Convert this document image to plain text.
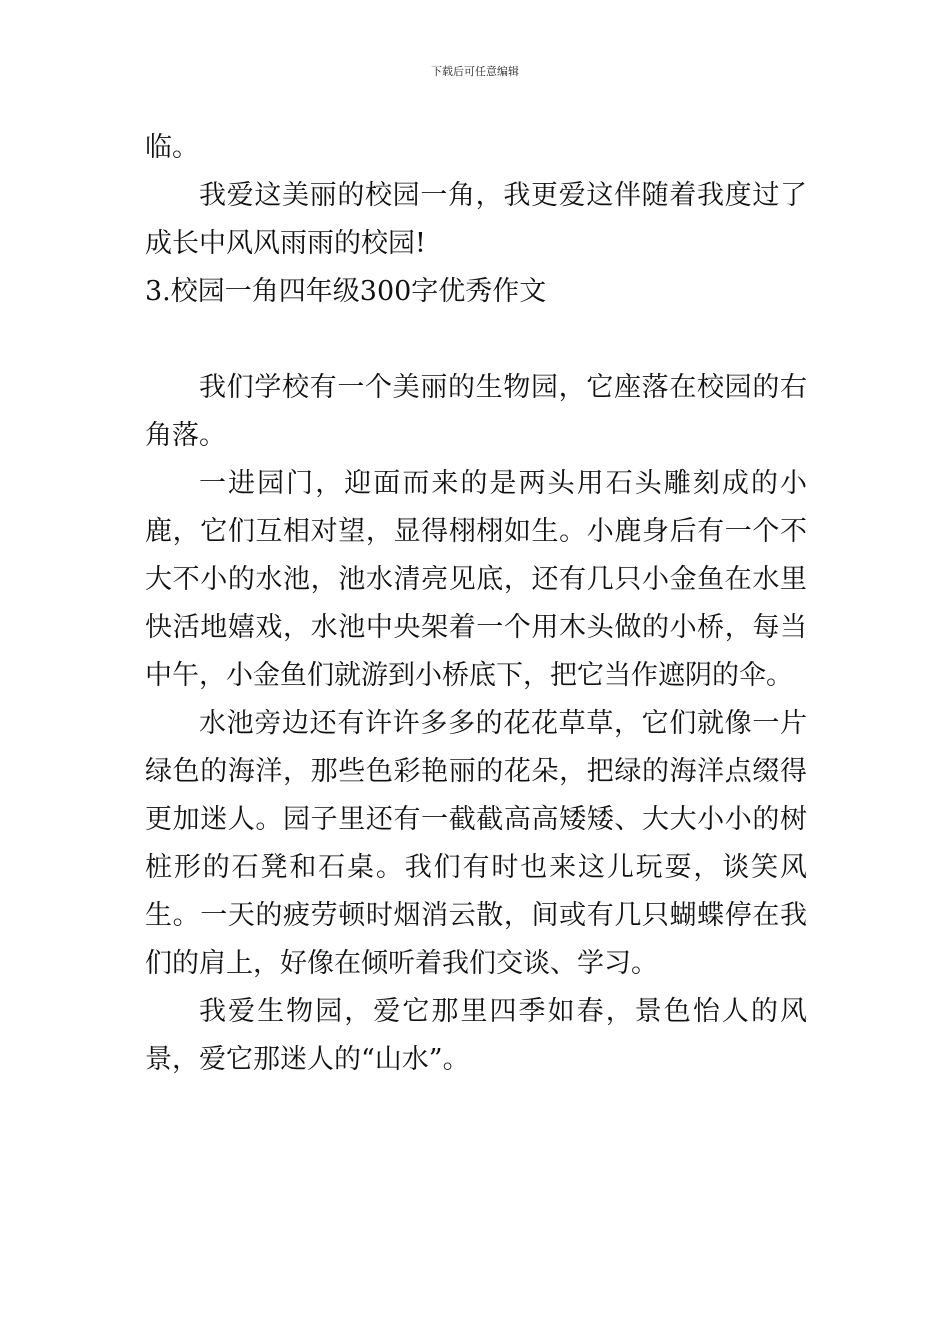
下载后可任意编辑

临。

我爱这美丽的校园一角，我更爱这伴随着我度过了成长中风风雨雨的校园!

3.校园一角四年级300字优秀作文

我们学校有一个美丽的生物园，它座落在校园的右角落。

一进园门，迎面而来的是两头用石头雕刻成的小鹿，它们互相对望，显得栩栩如生。小鹿身后有一个不大不小的水池，池水清亮见底，还有几只小金鱼在水里快活地嬉戏，水池中央架着一个用木头做的小桥，每当中午，小金鱼们就游到小桥底下，把它当作遮阴的伞。

水池旁边还有许许多多的花花草草，它们就像一片绿色的海洋，那些色彩艳丽的花朵，把绿的海洋点缀得更加迷人。园子里还有一截截高高矮矮、大大小小的树桩形的石凳和石桌。我们有时也来这儿玩耍，谈笑风生。一天的疲劳顿时烟消云散，间或有几只蝴蝶停在我们的肩上，好像在倾听着我们交谈、学习。

我爱生物园，爱它那里四季如春，景色怡人的风景，爱它那迷人的“山水”。
